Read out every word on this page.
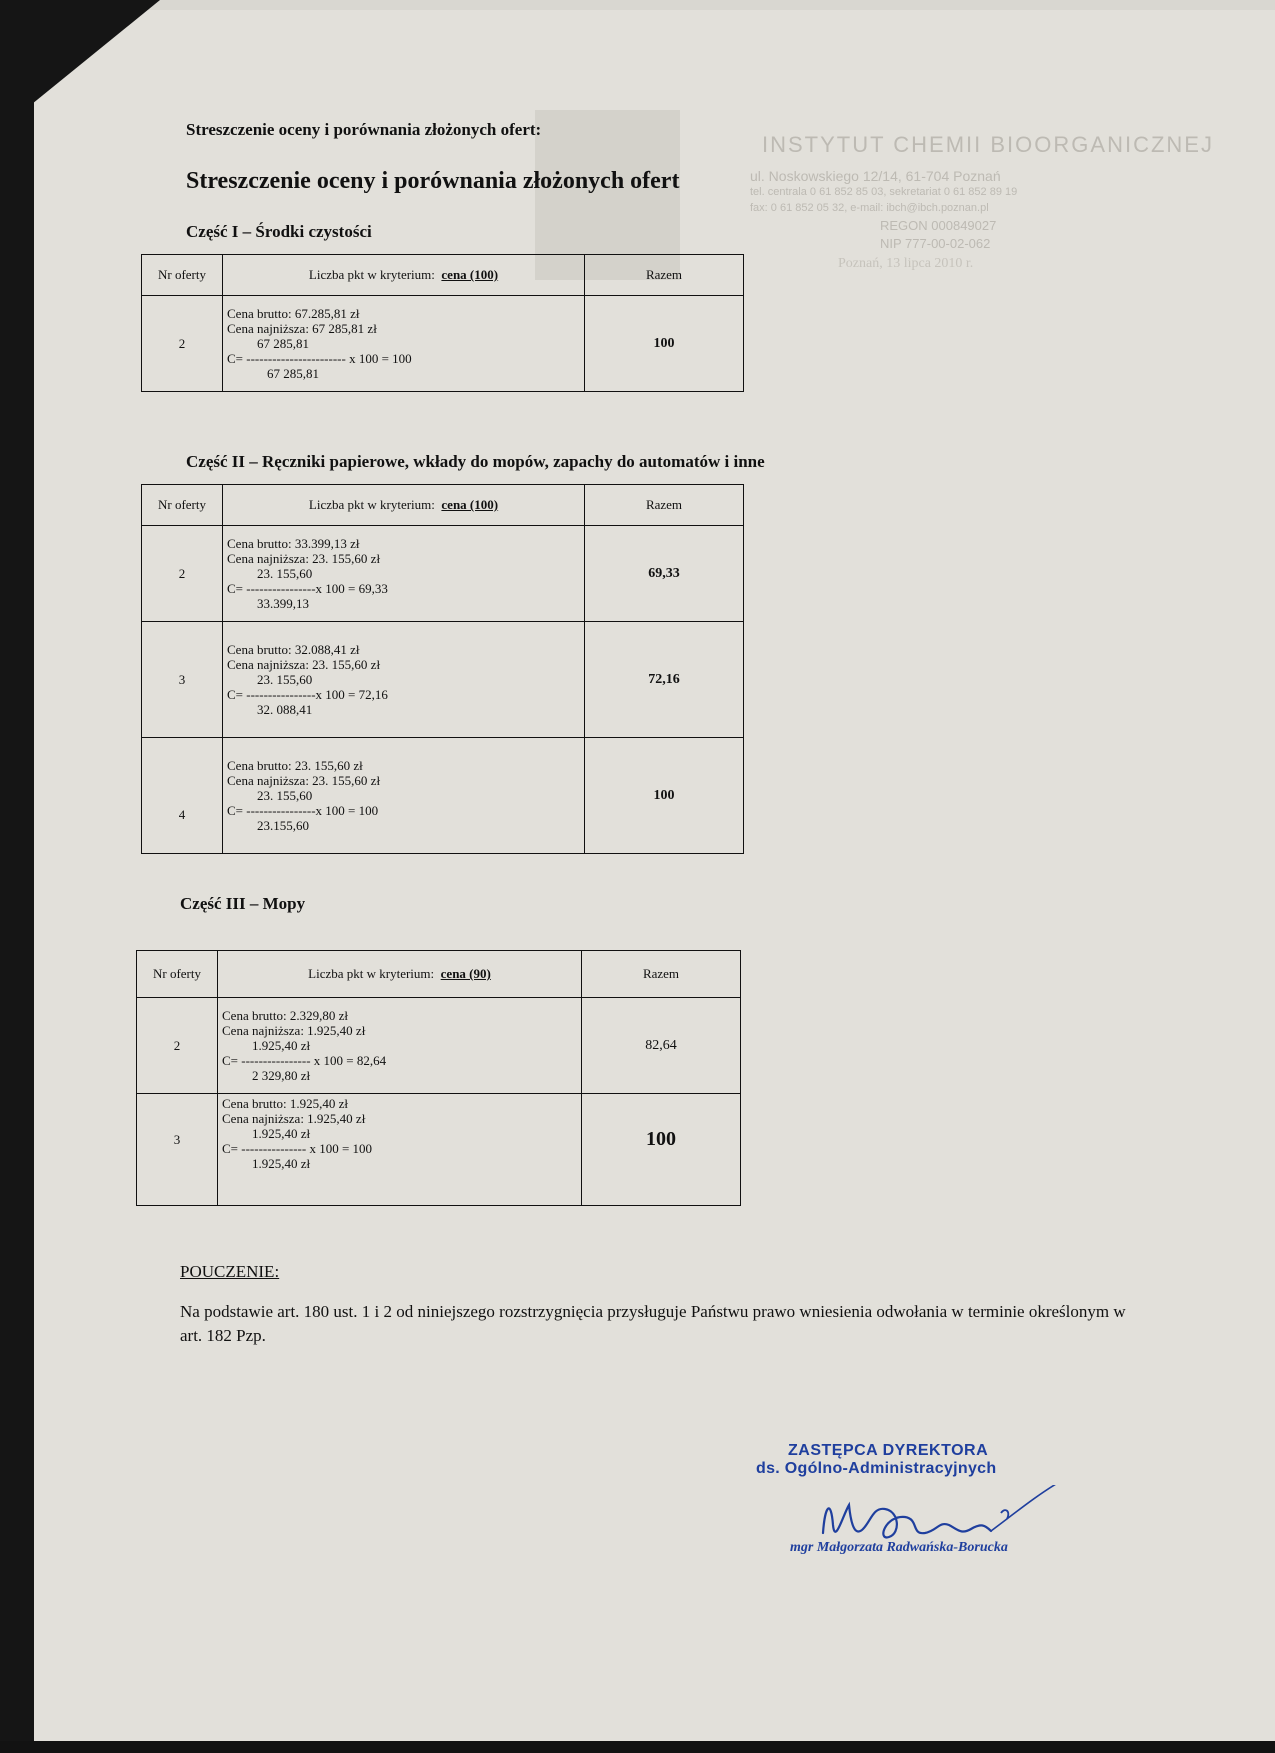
INSTYTUT CHEMII BIOORGANICZNEJ
ul. Noskowskiego 12/14, 61-704 Poznań
tel. centrala 0 61 852 85 03, sekretariat 0 61 852 89 19
fax: 0 61 852 05 32, e-mail: ibch@ibch.poznan.pl
REGON 000849027
NIP 777-00-02-062
Poznań, 13 lipca 2010 r.
Streszczenie oceny i porównania złożonych ofert:
Streszczenie oceny i porównania złożonych ofert
Część I – Środki czystości
Nr oferty	Liczba pkt w kryterium: cena (100)	Razem
2	Cena brutto: 67.285,81 zł
Cena najniższa: 67 285,81 zł
67 285,81
C= ----------------------- x 100 = 100
67 285,81	100
Część II – Ręczniki papierowe, wkłady do mopów, zapachy do automatów i inne
Nr oferty	Liczba pkt w kryterium: cena (100)	Razem
2	Cena brutto: 33.399,13 zł
Cena najniższa: 23. 155,60 zł
23. 155,60
C= ----------------x 100 = 69,33
33.399,13	69,33
3	Cena brutto: 32.088,41 zł
Cena najniższa: 23. 155,60 zł
23. 155,60
C= ----------------x 100 = 72,16
32. 088,41	72,16
4	Cena brutto: 23. 155,60 zł
Cena najniższa: 23. 155,60 zł
23. 155,60
C= ----------------x 100 = 100
23.155,60	100
Część III – Mopy
Nr oferty	Liczba pkt w kryterium: cena (90)	Razem
2	Cena brutto: 2.329,80 zł
Cena najniższa: 1.925,40 zł
1.925,40 zł
C= ---------------- x 100 = 82,64
2 329,80 zł	82,64
3	Cena brutto: 1.925,40 zł
Cena najniższa: 1.925,40 zł
1.925,40 zł
C= --------------- x 100 = 100
1.925,40 zł	100
POUCZENIE:
Na podstawie art. 180 ust. 1 i 2 od niniejszego rozstrzygnięcia przysługuje Państwu prawo wniesienia odwołania w terminie określonym w art. 182 Pzp.
ZASTĘPCA DYREKTORA
ds. Ogólno-Administracyjnych
mgr Małgorzata Radwańska-Borucka
